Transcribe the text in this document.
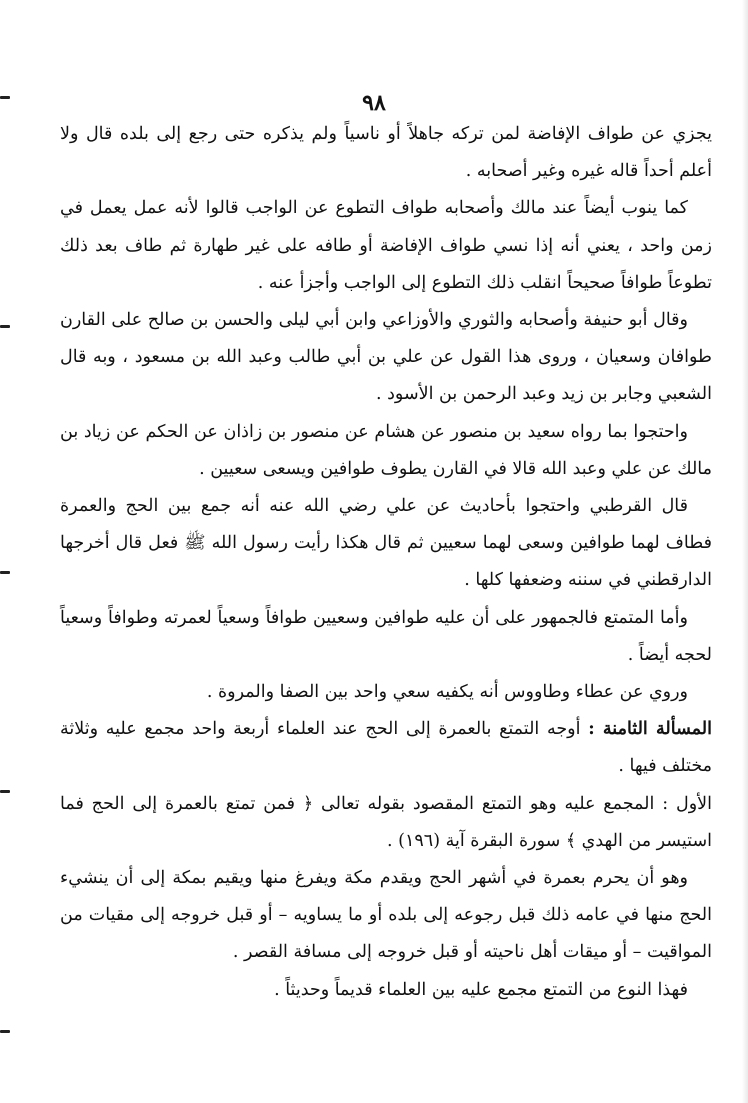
٩٨

يجزي عن طواف الإفاضة لمن تركه جاهلاً أو ناسياً ولم يذكره حتى رجع إلى بلده قال ولا أعلم أحداً قاله غيره وغير أصحابه .

كما ينوب أيضاً عند مالك وأصحابه طواف التطوع عن الواجب قالوا لأنه عمل يعمل في زمن واحد ، يعني أنه إذا نسي طواف الإفاضة أو طافه على غير طهارة ثم طاف بعد ذلك تطوعاً طوافاً صحيحاً انقلب ذلك التطوع إلى الواجب وأجزأ عنه .

وقال أبو حنيفة وأصحابه والثوري والأوزاعي وابن أبي ليلى والحسن بن صالح على القارن طوافان وسعيان ، وروى هذا القول عن علي بن أبي طالب وعبد الله بن مسعود ، وبه قال الشعبي وجابر بن زيد وعبد الرحمن بن الأسود .

واحتجوا بما رواه سعيد بن منصور عن هشام عن منصور بن زاذان عن الحكم عن زياد بن مالك عن علي وعبد الله قالا في القارن يطوف طوافين ويسعى سعيين .

قال القرطبي واحتجوا بأحاديث عن علي رضي الله عنه أنه جمع بين الحج والعمرة فطاف لهما طوافين وسعى لهما سعيين ثم قال هكذا رأيت رسول الله ﷺ فعل قال أخرجها الدارقطني في سننه وضعفها كلها .

وأما المتمتع فالجمهور على أن عليه طوافين وسعيين طوافاً وسعياً لعمرته وطوافاً وسعياً لحجه أيضاً .

وروي عن عطاء وطاووس أنه يكفيه سعي واحد بين الصفا والمروة .

المسألة الثامنة : أوجه التمتع بالعمرة إلى الحج عند العلماء أربعة واحد مجمع عليه وثلاثة مختلف فيها .

الأول : المجمع عليه وهو التمتع المقصود بقوله تعالى ﴿ فمن تمتع بالعمرة إلى الحج فما استيسر من الهدي ﴾ سورة البقرة آية (١٩٦) .

وهو أن يحرم بعمرة في أشهر الحج ويقدم مكة ويفرغ منها ويقيم بمكة إلى أن ينشيء الحج منها في عامه ذلك قبل رجوعه إلى بلده أو ما يساويه – أو قبل خروجه إلى مقيات من المواقيت – أو ميقات أهل ناحيته أو قبل خروجه إلى مسافة القصر .

فهذا النوع من التمتع مجمع عليه بين العلماء قديماً وحديثاً .
